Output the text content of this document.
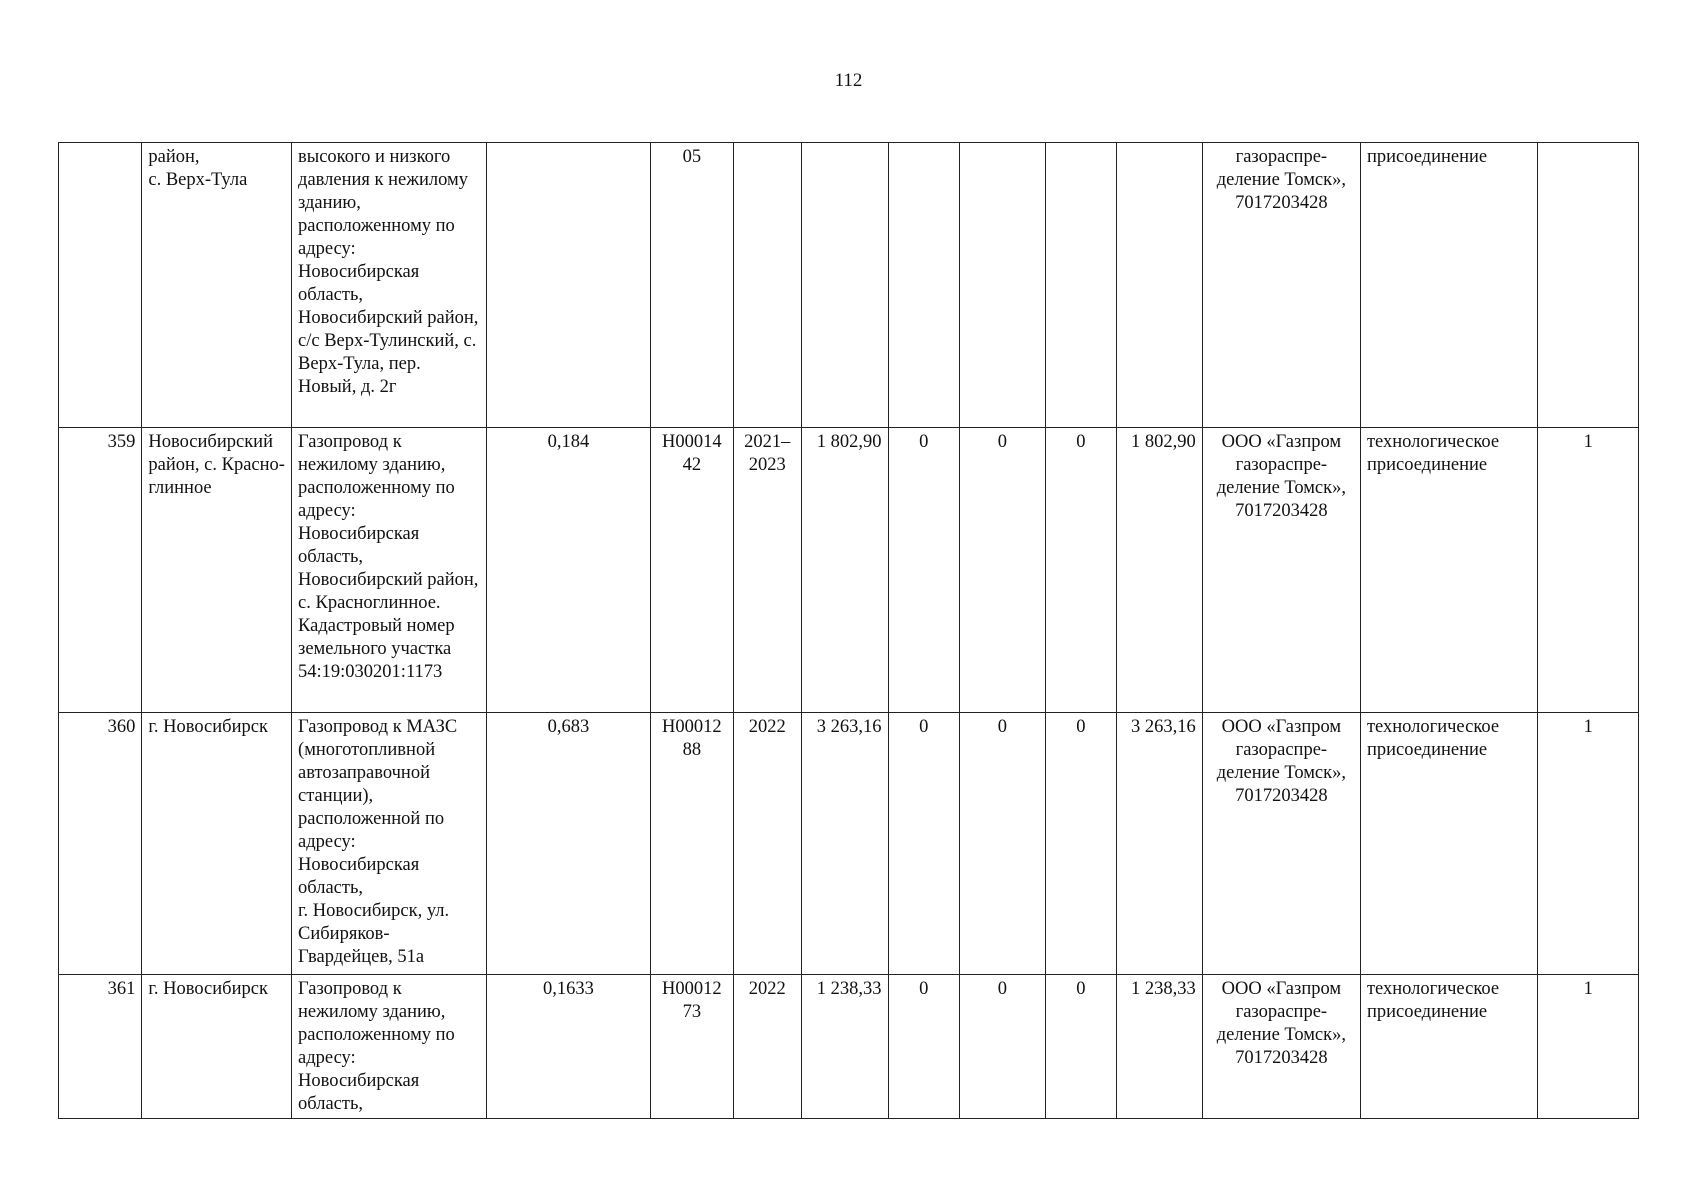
112
	район,
с. Верх-Тула	высокого и низкого давления к нежилому зданию, расположенному по адресу: Новосибирская область, Новосибирский район, с/с Верх-Тулинский, с. Верх-Тула, пер. Новый, д. 2г		05							газораспре-
деление Томск»,
7017203428	присоединение	
359	Новосибирский район, с. Красно-
глинное	Газопровод к нежилому зданию, расположенному по адресу: Новосибирская область, Новосибирский район, с. Красноглинное. Кадастровый номер земельного участка 54:19:030201:1173	0,184	Н00014
42	2021–
2023	1 802,90	0	0	0	1 802,90	ООО «Газпром
газораспре-
деление Томск»,
7017203428	технологическое присоединение	1
360	г. Новосибирск	Газопровод к МАЗС (многотопливной автозаправочной станции), расположенной по адресу: Новосибирская область,
г. Новосибирск, ул. Сибиряков-Гвардейцев, 51а	0,683	Н00012
88	2022	3 263,16	0	0	0	3 263,16	ООО «Газпром
газораспре-
деление Томск»,
7017203428	технологическое присоединение	1
361	г. Новосибирск	Газопровод к нежилому зданию, расположенному по адресу: Новосибирская область,	0,1633	Н00012
73	2022	1 238,33	0	0	0	1 238,33	ООО «Газпром
газораспре-
деление Томск»,
7017203428	технологическое присоединение	1
